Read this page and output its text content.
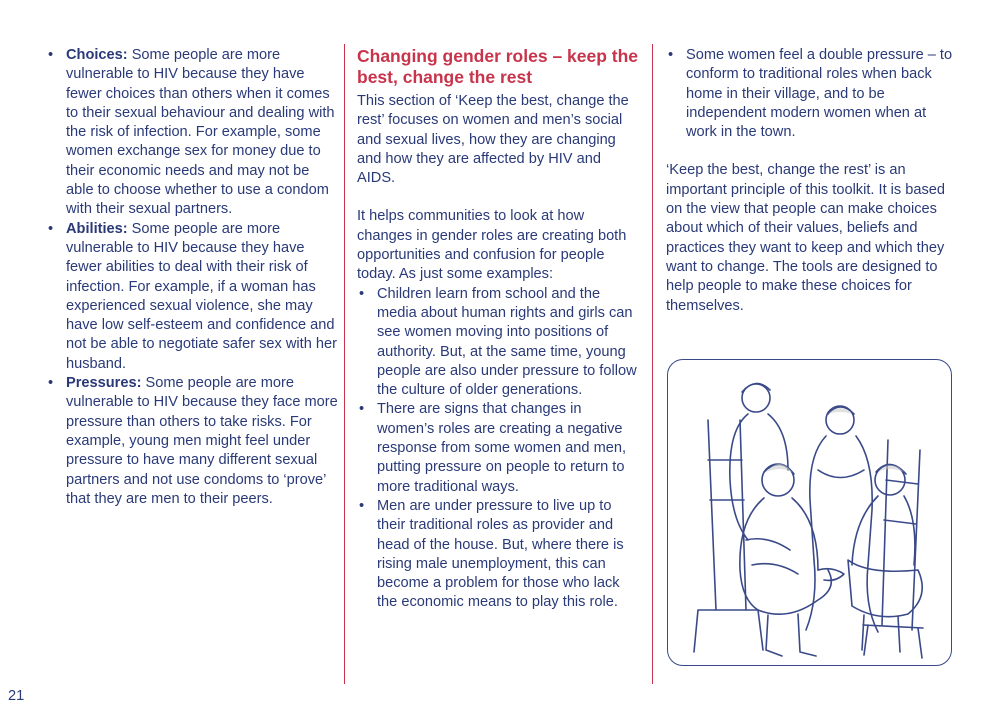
• Choices: Some people are more vulnerable to HIV because they have fewer choices than others when it comes to their sexual behaviour and dealing with the risk of infection. For example, some women exchange sex for money due to their economic needs and may not be able to choose whether to use a condom with their sexual partners.
• Abilities: Some people are more vulnerable to HIV because they have fewer abilities to deal with their risk of infection. For example, if a woman has experienced sexual violence, she may have low self-esteem and confidence and not be able to negotiate safer sex with her husband.
• Pressures: Some people are more vulnerable to HIV because they face more pressure than others to take risks. For example, young men might feel under pressure to have many different sexual partners and not use condoms to ‘prove’ that they are men to their peers.
Changing gender roles – keep the best, change the rest

This section of ‘Keep the best, change the rest’ focuses on women and men’s social and sexual lives, how they are changing and how they are affected by HIV and AIDS.

It helps communities to look at how changes in gender roles are creating both opportunities and confusion for people today. As just some examples:

• Children learn from school and the media about human rights and girls can see women moving into positions of authority. But, at the same time, young people are also under pressure to follow the culture of older generations.
• There are signs that changes in women’s roles are creating a negative response from some women and men, putting pressure on people to return to more traditional ways.
• Men are under pressure to live up to their traditional roles as provider and head of the house. But, where there is rising male unemployment, this can become a problem for those who lack the economic means to play this role.
• Some women feel a double pressure – to conform to traditional roles when back home in their village, and to be independent modern women when at work in the town.

‘Keep the best, change the rest’ is an important principle of this toolkit. It is based on the view that people can make choices about which of their values, beliefs and practices they want to keep and which they want to change. The tools are designed to help people to make these choices for themselves.

21
